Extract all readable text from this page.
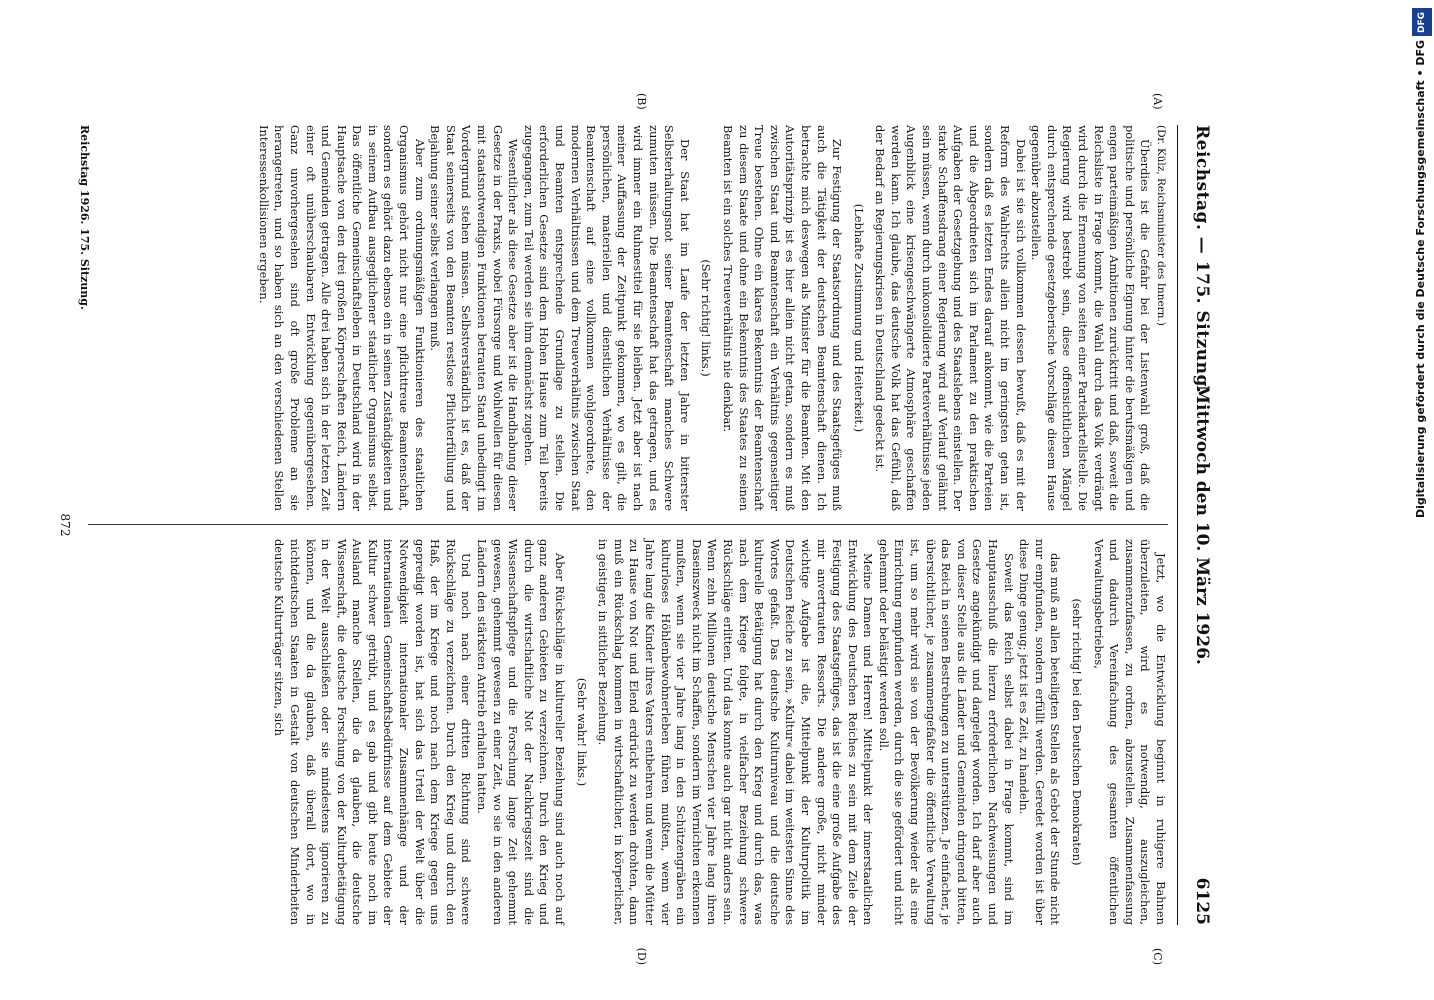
Reichstag. — 175. Sitzung.
Mittwoch den 10. März 1926.
6125
(A)
(B)
(C)
(D)

(Dr. Külz, Reichsminister des Innern.)

Überdies ist die Gefahr bei der Listenwahl groß, daß die politische und persönliche Eignung hinter die berufsmäßigen und engen parteimäßigen Ambitionen zurücktritt und daß, soweit die Reichsliste in Frage kommt, die Wahl durch das Volk verdrängt wird durch die Ernennung von seiten einer Parteikartellstelle. Die Regierung wird bestrebt sein, diese offensichtlichen Mängel durch entsprechende gesetzgeberische Vorschläge diesem Hause gegenüber abzustellen.

Dabei ist sie sich vollkommen dessen bewußt, daß es mit der Reform des Wahlrechts allein nicht im geringsten getan ist, sondern daß es letzten Endes darauf ankommt, wie die Parteien und die Abgeordneten sich im Parlament zu den praktischen Aufgaben der Gesetzgebung und des Staatslebens einstellen. Der starke Schaffensdrang einer Regierung wird auf Verlauf gelähmt sein müssen, wenn durch unkonsolidierte Parteiverhältnisse jeden Augenblick eine krisengeschwängerte Atmosphäre geschaffen werden kann. Ich glaube, das deutsche Volk hat das Gefühl, daß der Bedarf an Regierungskrisen in Deutschland gedeckt ist.

(Lebhafte Zustimmung und Heiterkeit.)

Zur Festigung der Staatsordnung und des Staatsgefüges muß auch die Tätigkeit der deutschen Beamtenschaft dienen. Ich betrachte mich deswegen als Minister für die Beamten. Mit den Autoritätsprinzip ist es hier allein nicht getan, sondern es muß zwischen Staat und Beamtenschaft ein Verhältnis gegenseitiger Treue bestehen. Ohne ein klares Bekenntnis der Beamtenschaft zu diesem Staate und ohne ein Bekenntnis des Staates zu seinen Beamten ist ein solches Treueverhältnis nie denkbar.

(Sehr richtig! links.)

Der Staat hat im Laufe der letzten Jahre in bitterster Selbsterhaltungsnot seiner Beamtenschaft manches Schwere zumuten müssen. Die Beamtenschaft hat das getragen, und es wird immer ein Ruhmestitel für sie bleiben. Jetzt aber ist nach meiner Auffassung der Zeitpunkt gekommen, wo es gilt, die persönlichen, materiellen und dienstlichen Verhältnisse der Beamtenschaft auf eine vollkommen wohlgeordnete, den modernen Verhältnissen und dem Treueverhältnis zwischen Staat und Beamten entsprechende Grundlage zu stellen. Die erforderlichen Gesetze sind dem Hohen Hause zum Teil bereits zugegangen, zum Teil werden sie ihm demnächst zugehen.

Wesentlicher als diese Gesetze aber ist die Handhabung dieser Gesetze in der Praxis, wobei Fürsorge und Wohlwollen für diesen mit staatsnotwendigen Funktionen betrauten Stand unbedingt im Vordergrund stehen müssen. Selbstverständlich ist es, daß der Staat seinerseits von den Beamten restlose Pflichterfüllung und Bejahung seiner selbst verlangen muß.

Aber zum ordnungsmäßigen Funktionieren des staatlichen Organismus gehört nicht nur eine pflichttreue Beamtenschaft, sondern es gehört dazu ebenso ein in seinen Zuständigkeiten und in seinem Aufbau ausgeglichener staatlicher Organismus selbst. Das öffentliche Gemeinschaftsleben in Deutschland wird in der Hauptsache von den drei großen Körperschaften Reich, Ländern und Gemeinden getragen. Alle drei haben sich in der letzten Zeit einer oft unüberschaubaren Entwicklung gegenübergesehen. Ganz unvorhergesehen sind oft große Probleme an sie herangetreten, und so haben sich an den verschiedenen Stellen Interessenkollisionen ergeben.

Jetzt, wo die Entwicklung beginnt in ruhigere Bahnen überzuleiten, wird es notwendig, auszugleichen, zusammenzufassen, zu ordnen, abzustellen. Zusammenfassung und dadurch Vereinfachung des gesamten öffentlichen Verwaltungsbetriebes,

(sehr richtig! bei den Deutschen Demokraten)

das muß an allen beteiligten Stellen als Gebot der Stunde nicht nur empfunden, sondern erfüllt werden. Geredet worden ist über diese Dinge genug; jetzt ist es Zeit, zu handeln.

Soweit das Reich selbst dabei in Frage kommt, sind im Hauptausschuß die hierzu erforderlichen Nachweisungen und Gesetze angekündigt und dargelegt worden. Ich darf aber auch von dieser Stelle aus die Länder und Gemeinden dringend bitten, das Reich in seinen Bestrebungen zu unterstützen. Je einfacher, je übersichtlicher, je zusammengefaßter die öffentliche Verwaltung ist, um so mehr wird sie von der Bevölkerung wieder als eine Einrichtung empfunden werden, durch die sie gefördert und nicht gehemmt oder belästigt werden soll.

Meine Damen und Herren! Mittelpunkt der innerstaatlichen Entwicklung des Deutschen Reiches zu sein mit dem Ziele der Festigung des Staatsgefüges, das ist die eine große Aufgabe des mir anvertrauten Ressorts. Die andere große, nicht minder wichtige Aufgabe ist die, Mittelpunkt der Kulturpolitik im Deutschen Reiche zu sein, »Kultur« dabei im weitesten Sinne des Wortes gefaßt. Das deutsche Kulturniveau und die deutsche kulturelle Betätigung hat durch den Krieg und durch das, was nach dem Kriege folgte, in vielfacher Beziehung schwere Rückschläge erlitten. Und das konnte auch gar nicht anders sein. Wenn zehn Millionen deutsche Menschen vier Jahre lang ihren Daseinszweck nicht im Schaffen, sondern im Vernichten erkennen mußten, wenn sie vier Jahre lang in den Schützengräben ein kulturloses Höhlenbewohnerleben führen mußten, wenn vier Jahre lang die Kinder ihres Vaters entbehren und wenn die Mütter zu Hause von Not und Elend erdrückt zu werden drohten, dann muß ein Rückschlag kommen in wirtschaftlicher, in körperlicher, in geistiger, in sittlicher Beziehung.

(Sehr wahr! links.)

Aber Rückschläge in kultureller Beziehung sind auch noch auf ganz anderen Gebieten zu verzeichnen. Durch den Krieg und durch die wirtschaftliche Not der Nachkriegszeit sind die Wissenschaftspflege und die Forschung lange Zeit gehemmt gewesen, gehemmt gewesen zu einer Zeit, wo sie in den anderen Ländern den stärksten Antrieb erhalten hatten.

Und noch nach einer dritten Richtung sind schwere Rückschläge zu verzeichnen. Durch den Krieg und durch den Haß, der im Kriege und noch nach dem Kriege gegen uns gepredigt worden ist, hat sich das Urteil der Welt über die Notwendigkeit internationaler Zusammenhänge und der internationalen Gemeinschaftsbedürfnisse auf dem Gebiete der Kultur schwer getrübt, und es gab und gibt heute noch im Ausland manche Stellen, die da glauben, die deutsche Wissenschaft, die deutsche Forschung von der Kulturbetätigung in der Welt ausschließen oder sie mindestens ignorieren zu können, und die da glauben, daß überall dort, wo in nichtdeutschen Staaten in Gestalt von deutschen Minderheiten deutsche Kulturträger sitzen, sich

Reichstag 1926. 175. Sitzung.
872
DFG
Digitalisierung gefördert durch die Deutsche Forschungsgemeinschaft • DFG
